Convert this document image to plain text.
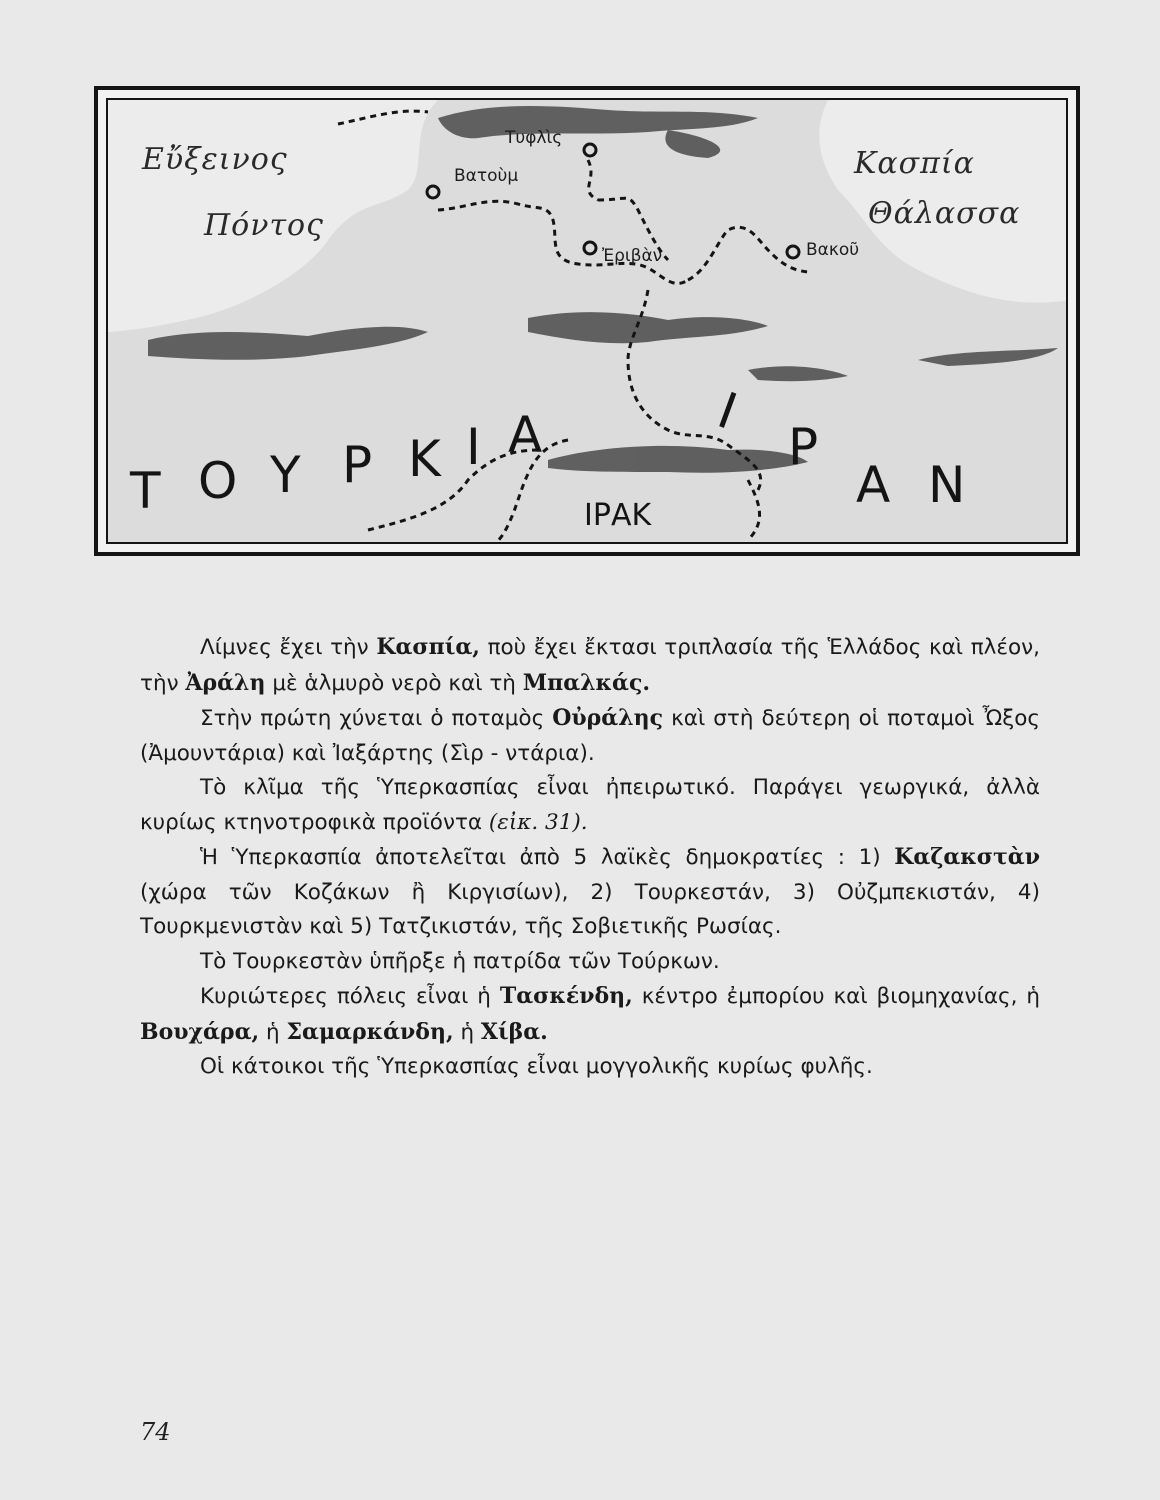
Εὔξεινος
Πόντος
Κασπία
Θάλασσα
Τυφλὶς
Βατοὺμ
Ἐριβὰν	Βακοῦ
Τ Ο Υ Ρ Κ Ι Α	Ι
Ρ
Α Ν
ΙΡΑΚ

Λίμνες ἔχει τὴν Κασπία, ποὺ ἔχει ἔκτασι τριπλασία τῆς Ἑλλάδος καὶ πλέον, τὴν Ἀράλη μὲ ἁλμυρὸ νερὸ καὶ τὴ Μπαλκάς.

Στὴν πρώτη χύνεται ὁ ποταμὸς Οὐράλης καὶ στὴ δεύτερη οἱ ποταμοὶ Ὦξος (Ἀμουντάρια) καὶ Ἰαξάρτης (Σὶρ - ντάρια).

Τὸ κλῖμα τῆς Ὑπερκασπίας εἶναι ἠπειρωτικό. Παράγει γεωργικά, ἀλλὰ κυρίως κτηνοτροφικὰ προϊόντα (εἰκ. 31).

Ἡ Ὑπερκασπία ἀποτελεῖται ἀπὸ 5 λαϊκὲς δημοκρατίες : 1) Καζακστὰν (χώρα τῶν Κοζάκων ἢ Κιργισίων), 2) Τουρκεστάν, 3) Οὐζμπεκιστάν, 4) Τουρκμενιστὰν καὶ 5) Τατζικιστάν, τῆς Σοβιετικῆς Ρωσίας.

Τὸ Τουρκεστὰν ὑπῆρξε ἡ πατρίδα τῶν Τούρκων.

Κυριώτερες πόλεις εἶναι ἡ Τασκένδη, κέντρο ἐμπορίου καὶ βιομηχανίας, ἡ Βουχάρα, ἡ Σαμαρκάνδη, ἡ Χίβα.

Οἱ κάτοικοι τῆς Ὑπερκασπίας εἶναι μογγολικῆς κυρίως φυλῆς.

74
